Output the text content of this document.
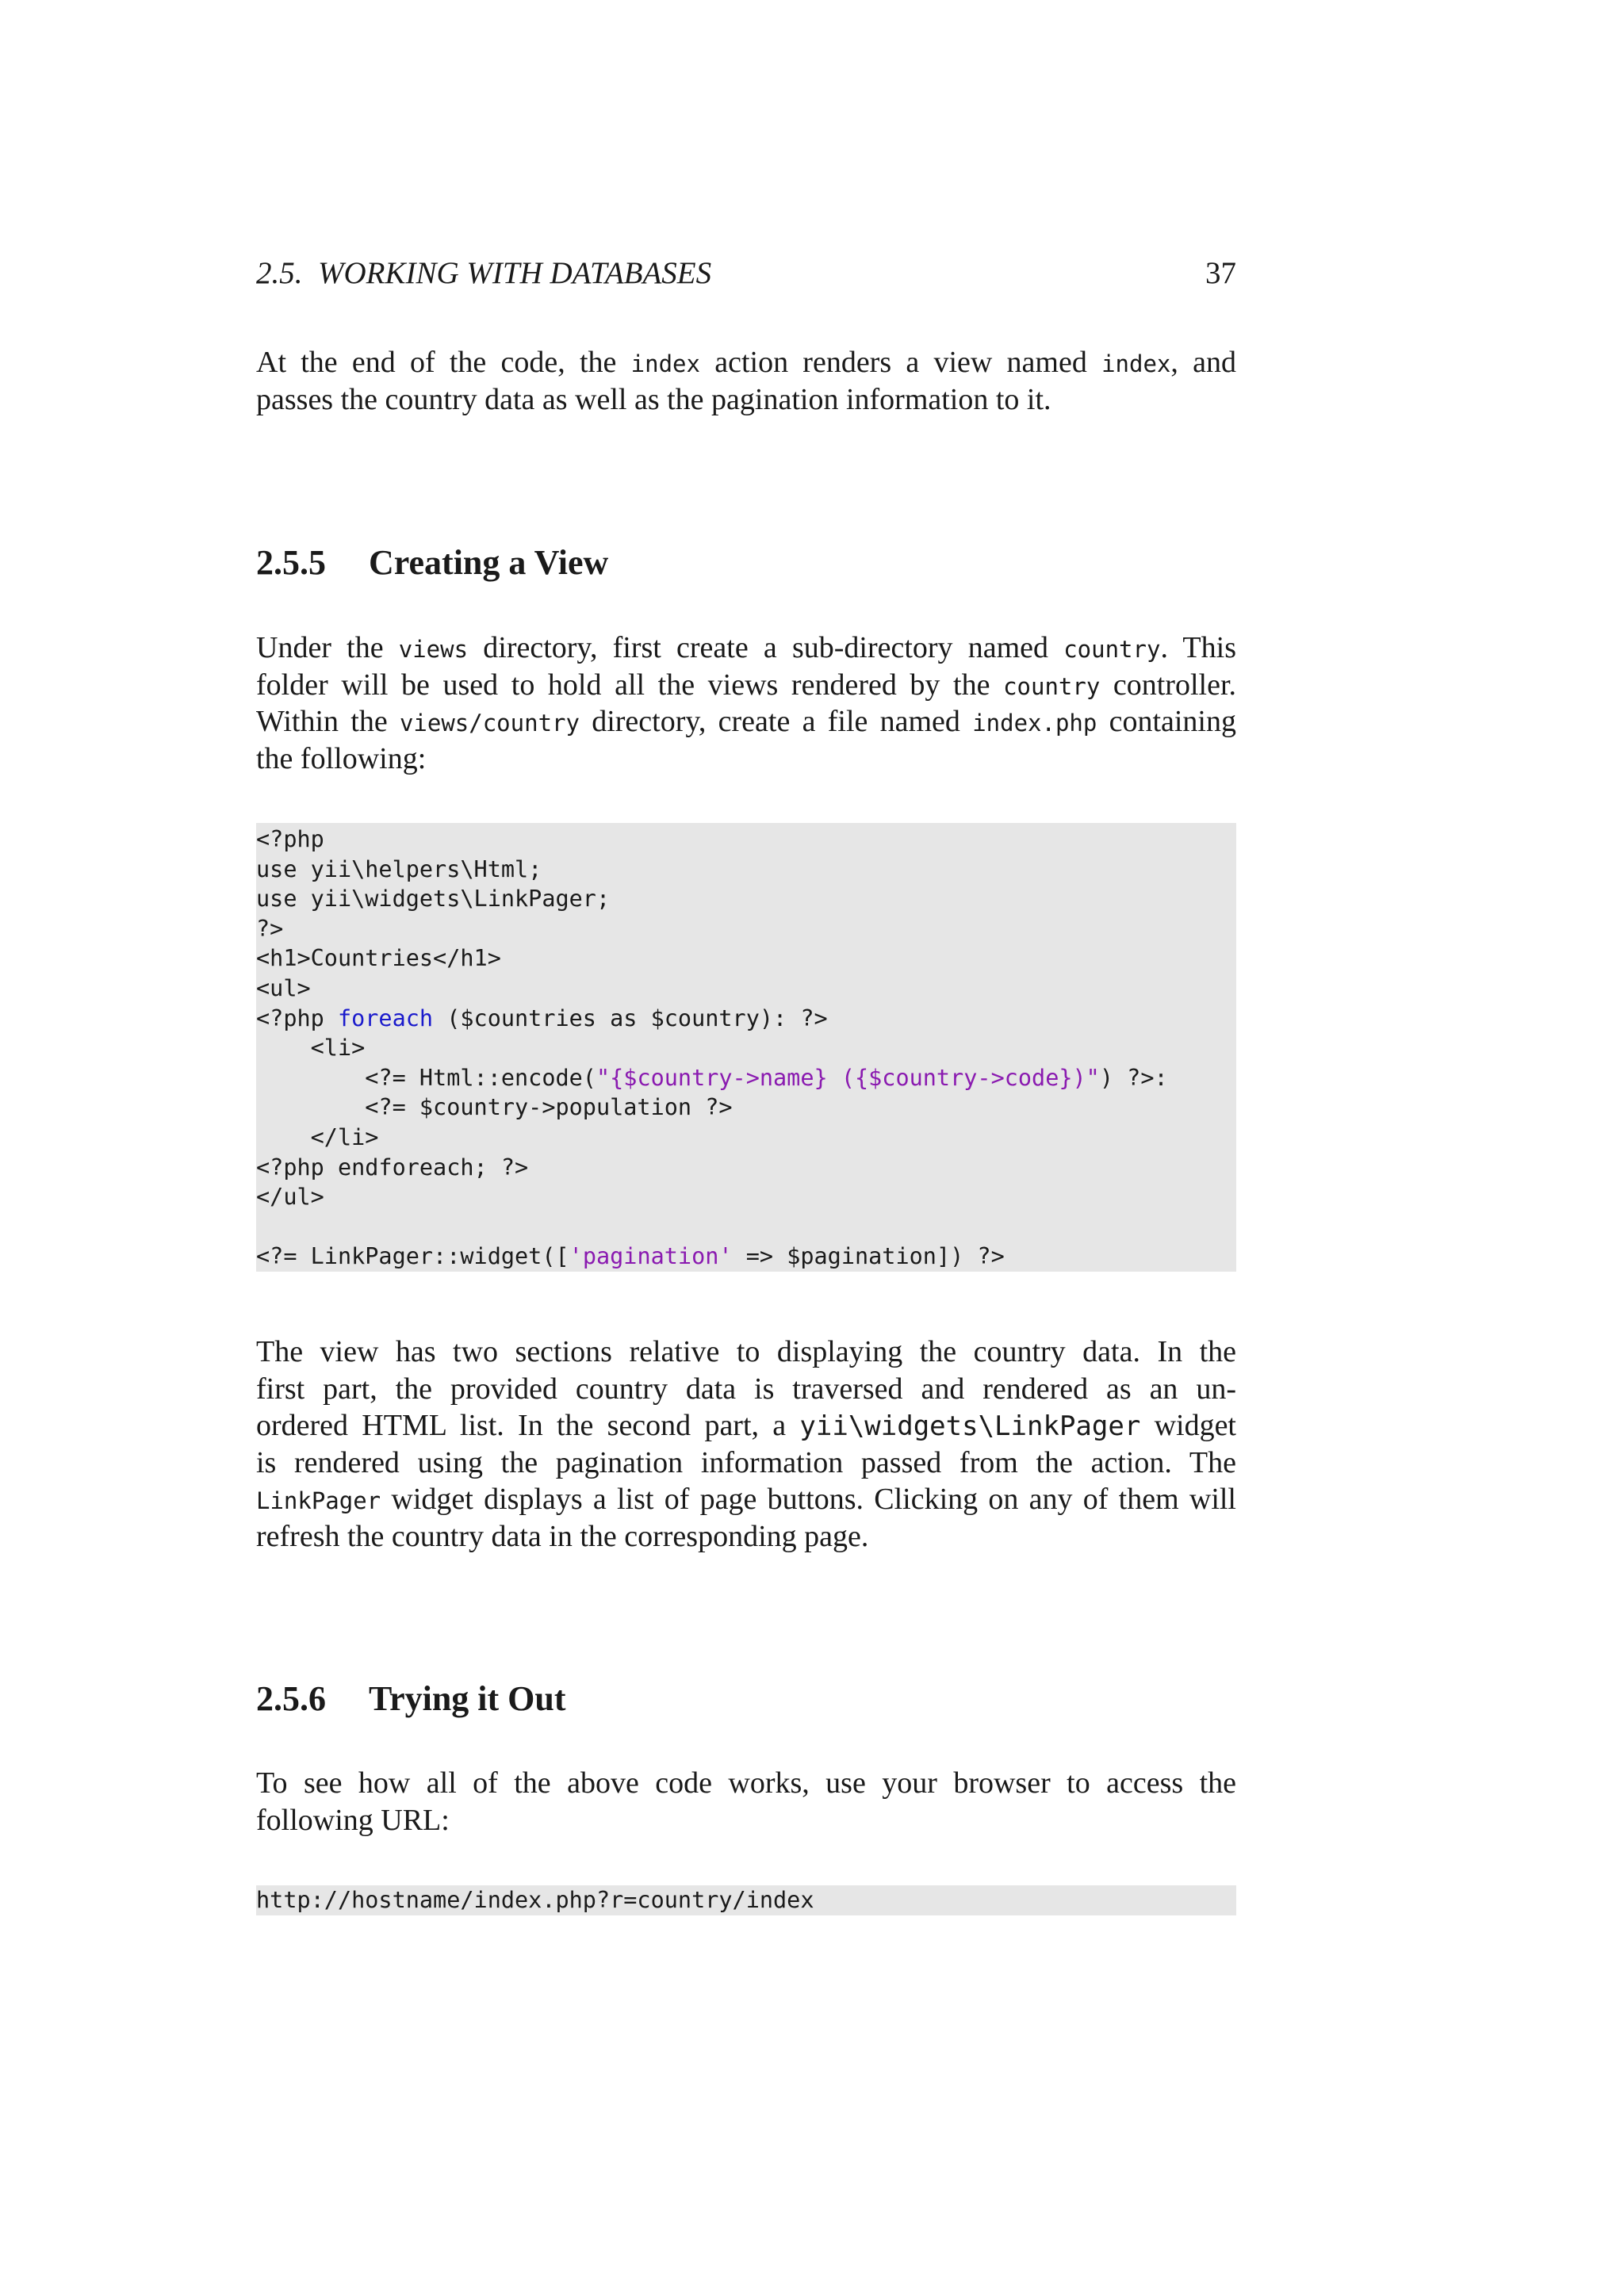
2.5.  WORKING WITH DATABASES	37
At the end of the code, the index action renders a view named index, and
passes the country data as well as the pagination information to it.
2.5.5 Creating a View
Under the views directory, first create a sub-directory named country. This
folder will be used to hold all the views rendered by the country controller.
Within the views/country directory, create a file named index.php containing
the following:
<?php
use yii\helpers\Html;
use yii\widgets\LinkPager;
?>
<h1>Countries</h1>
<ul>
<?php foreach ($countries as $country): ?>
<li>
<?= Html::encode("{$country->name} ({$country->code})") ?>:
<?= $country->population ?>
</li>
<?php endforeach; ?>
</ul>

<?= LinkPager::widget(['pagination' => $pagination]) ?>
The view has two sections relative to displaying the country data. In the
first part, the provided country data is traversed and rendered as an un-
ordered HTML list. In the second part, a yii\widgets\LinkPager widget
is rendered using the pagination information passed from the action. The
LinkPager widget displays a list of page buttons. Clicking on any of them will
refresh the country data in the corresponding page.
2.5.6 Trying it Out
To see how all of the above code works, use your browser to access the
following URL:
http://hostname/index.php?r=country/index
